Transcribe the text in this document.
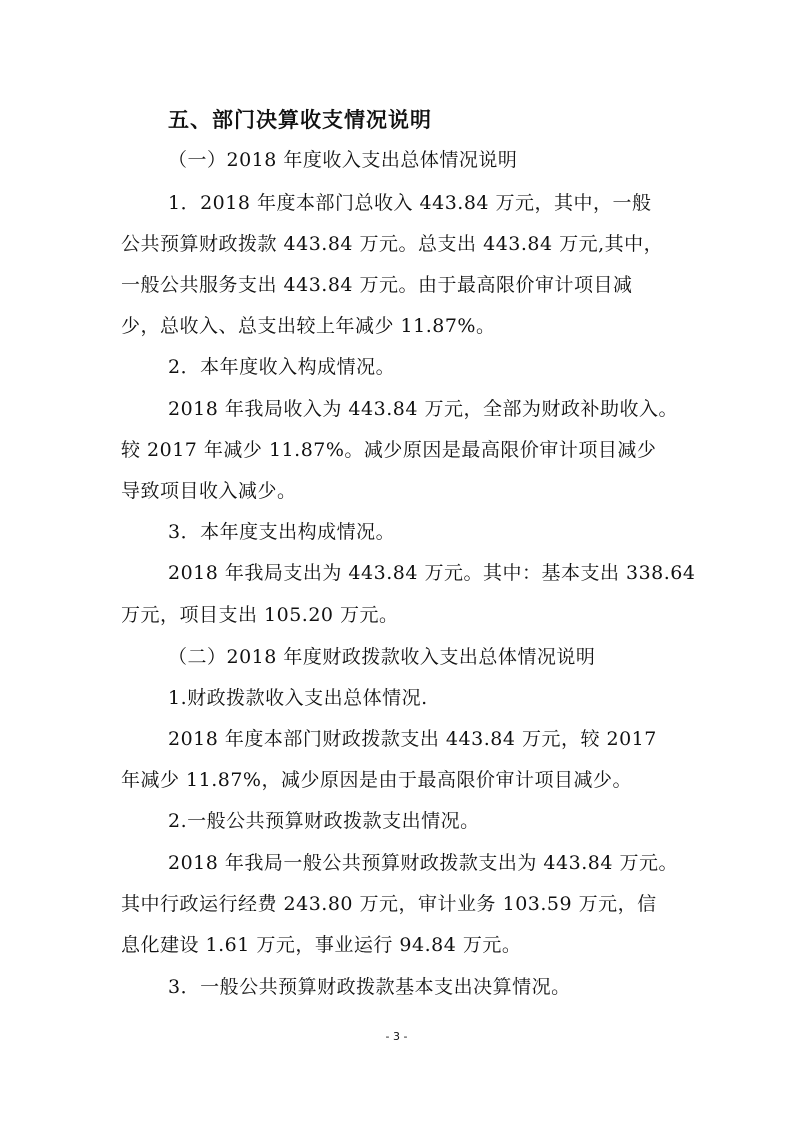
五、部门决算收支情况说明
（一）2018 年度收入支出总体情况说明
1．2018 年度本部门总收入 443.84 万元，其中，一般
公共预算财政拨款 443.84 万元。总支出 443.84 万元,其中，
一般公共服务支出 443.84 万元。由于最高限价审计项目减
少，总收入、总支出较上年减少 11.87%。
2．本年度收入构成情况。
2018 年我局收入为 443.84 万元，全部为财政补助收入。
较 2017 年减少 11.87%。减少原因是最高限价审计项目减少
导致项目收入减少。
3．本年度支出构成情况。
2018 年我局支出为 443.84 万元。其中：基本支出 338.64
万元，项目支出 105.20 万元。
（二）2018 年度财政拨款收入支出总体情况说明
1.财政拨款收入支出总体情况.
2018 年度本部门财政拨款支出 443.84 万元，较 2017
年减少 11.87%，减少原因是由于最高限价审计项目减少。
2.一般公共预算财政拨款支出情况。
2018 年我局一般公共预算财政拨款支出为 443.84 万元。
其中行政运行经费 243.80 万元，审计业务 103.59 万元，信
息化建设 1.61 万元，事业运行 94.84 万元。
3．一般公共预算财政拨款基本支出决算情况。
- 3 -
